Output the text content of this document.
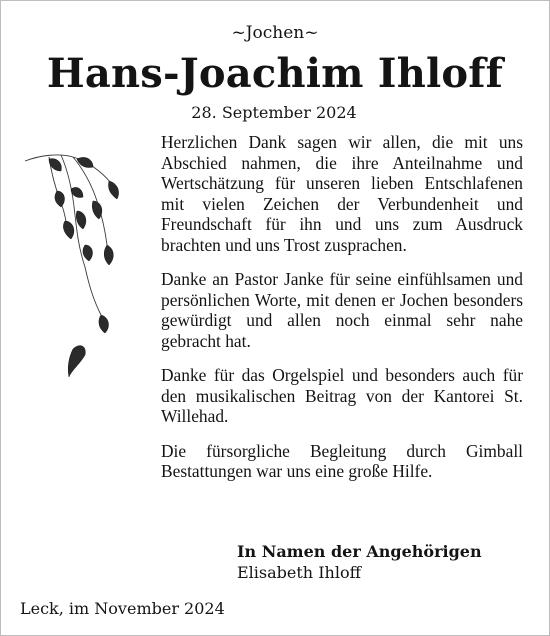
~Jochen~
Hans-Joachim Ihloff
28. September 2024

Herzlichen Dank sagen wir allen, die mit uns Abschied nahmen, die ihre Anteilnahme und Wertschätzung für unseren lieben Entschlafenen mit vielen Zeichen der Verbundenheit und Freundschaft für ihn und uns zum Ausdruck brachten und uns Trost zusprachen.

Danke an Pastor Janke für seine einfühlsamen und persönlichen Worte, mit denen er Jochen besonders gewürdigt und allen noch einmal sehr nahe gebracht hat.

Danke für das Orgelspiel und besonders auch für den musikalischen Beitrag von der Kantorei St. Willehad.

Die fürsorgliche Begleitung durch Gimball Bestattungen war uns eine große Hilfe.

In Namen der Angehörigen
Elisabeth Ihloff
Leck, im November 2024
